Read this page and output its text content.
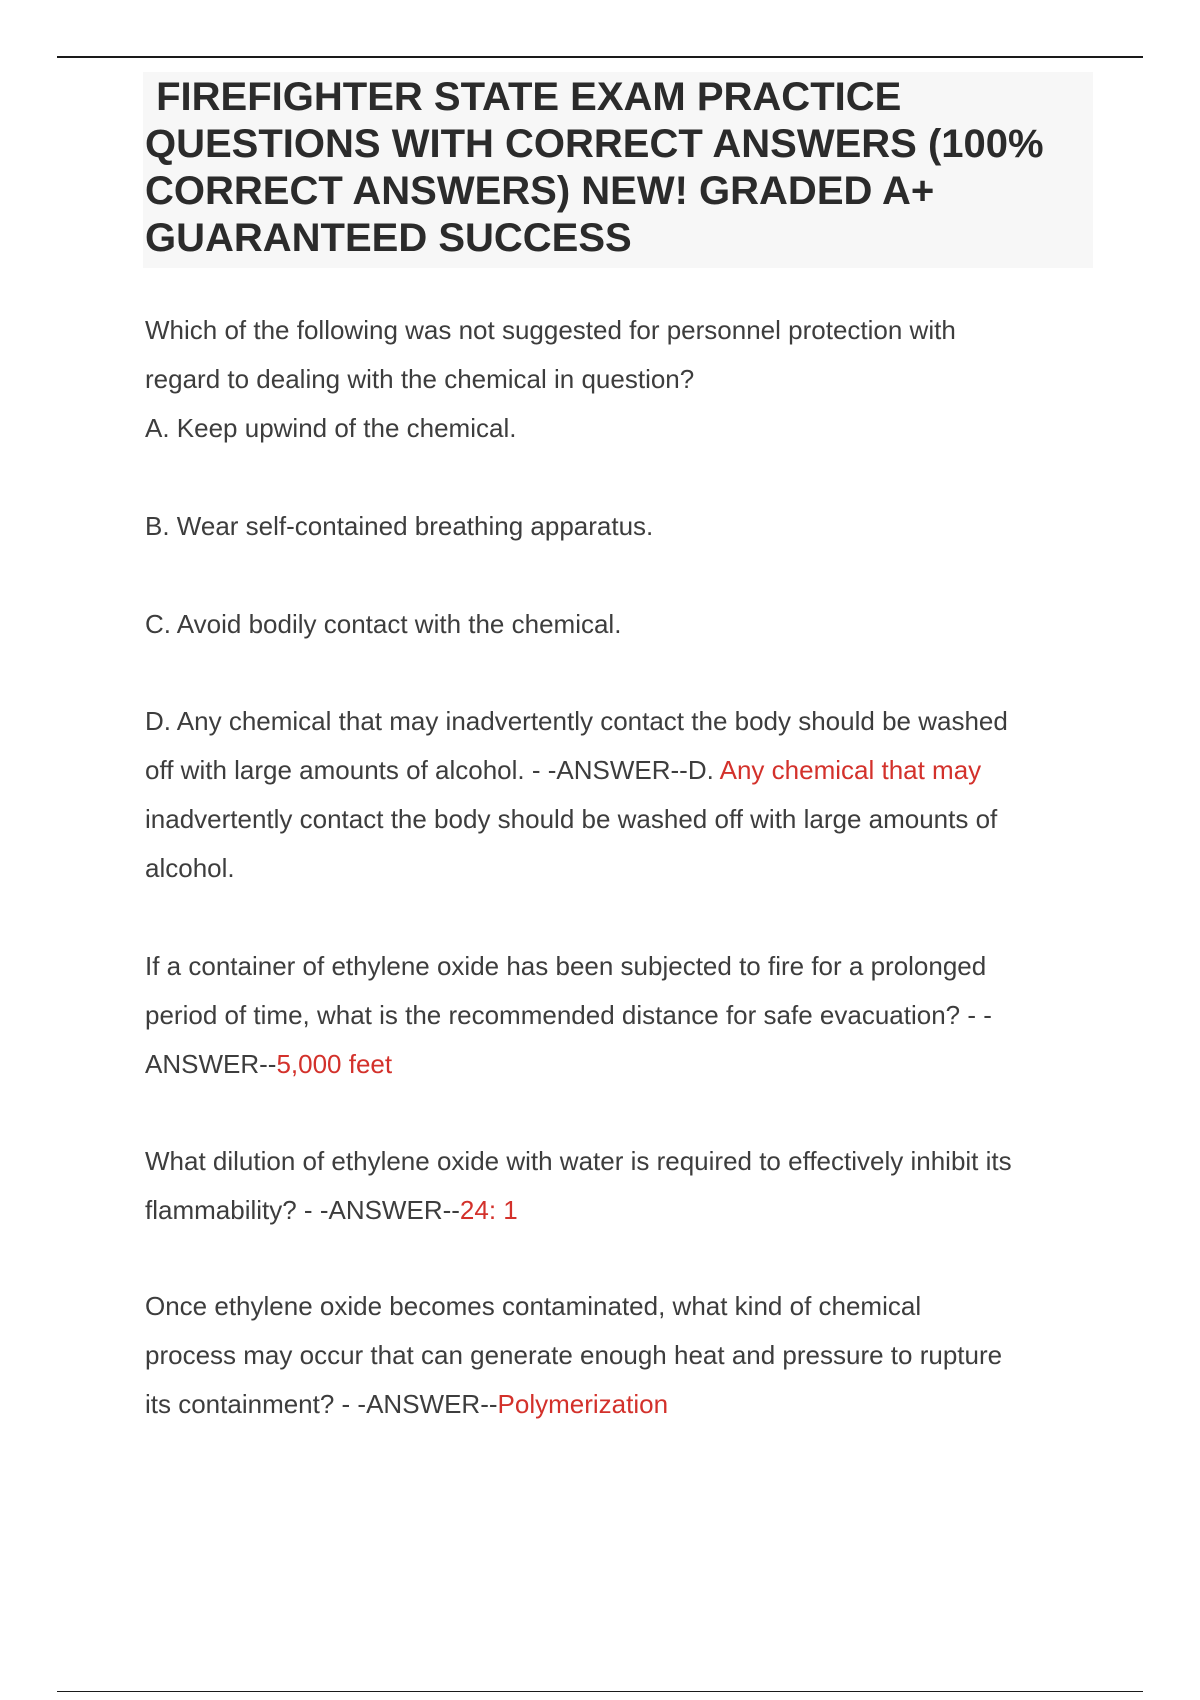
FIREFIGHTER STATE EXAM PRACTICE
QUESTIONS WITH CORRECT ANSWERS (100%
CORRECT ANSWERS) NEW! GRADED A+
GUARANTEED SUCCESS

Which of the following was not suggested for personnel protection with

regard to dealing with the chemical in question?

A. Keep upwind of the chemical.

B. Wear self-contained breathing apparatus.

C. Avoid bodily contact with the chemical.

D. Any chemical that may inadvertently contact the body should be washed

off with large amounts of alcohol. - -ANSWER--D. Any chemical that may

inadvertently contact the body should be washed off with large amounts of

alcohol.

If a container of ethylene oxide has been subjected to fire for a prolonged

period of time, what is the recommended distance for safe evacuation? - -

ANSWER--5,000 feet

What dilution of ethylene oxide with water is required to effectively inhibit its

flammability? - -ANSWER--24: 1

Once ethylene oxide becomes contaminated, what kind of chemical

process may occur that can generate enough heat and pressure to rupture

its containment? - -ANSWER--Polymerization
